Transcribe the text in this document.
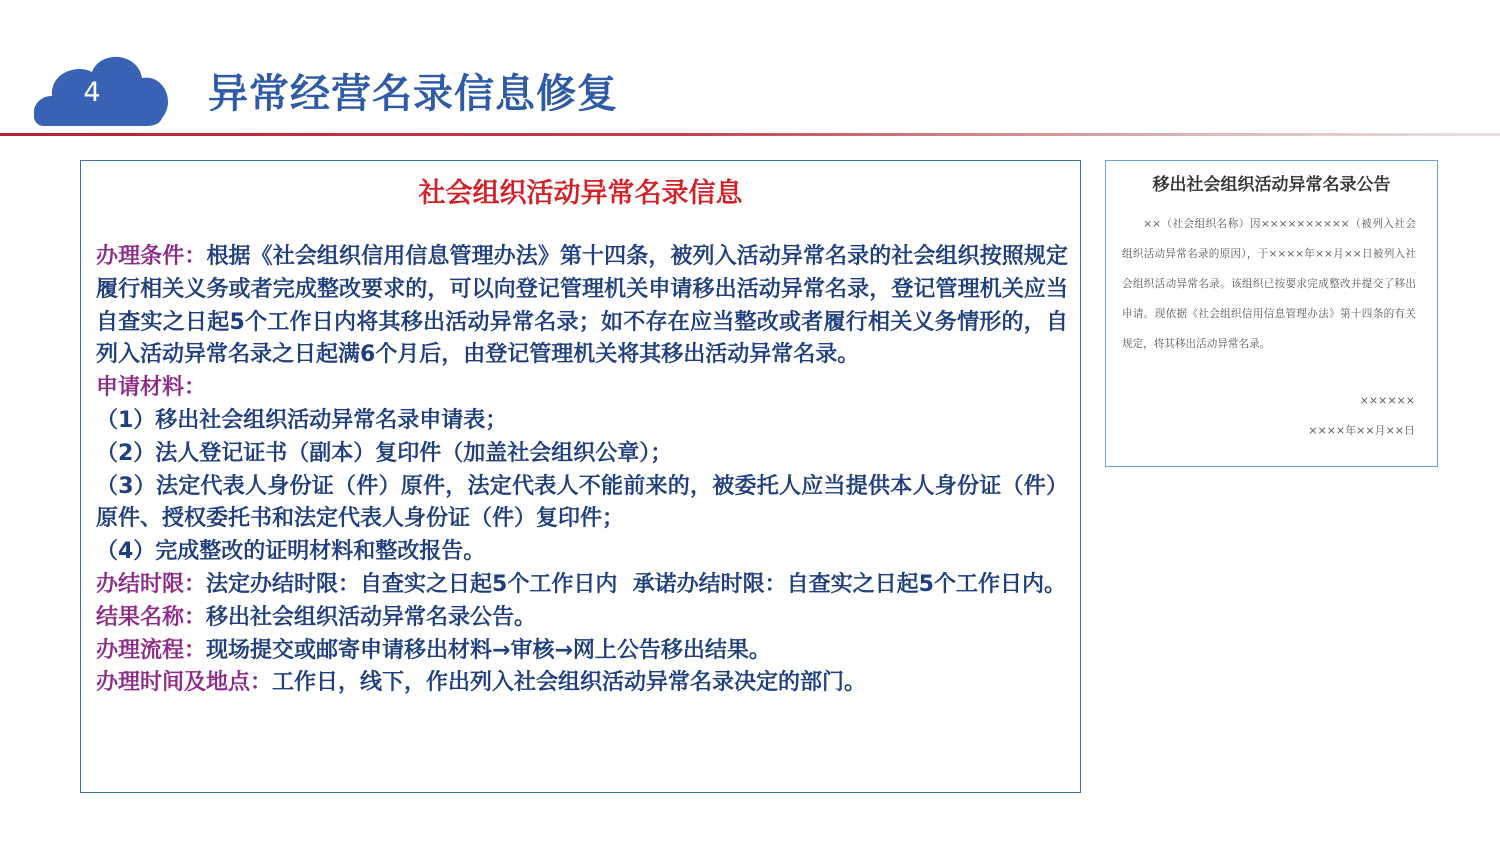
4	异常经营名录信息修复
社会组织活动异常名录信息

办理条件：根据《社会组织信用信息管理办法》第十四条，被列入活动异常名录的社会组织按照规定履行相关义务或者完成整改要求的，可以向登记管理机关申请移出活动异常名录，登记管理机关应当自查实之日起5个工作日内将其移出活动异常名录；如不存在应当整改或者履行相关义务情形的，自列入活动异常名录之日起满6个月后，由登记管理机关将其移出活动异常名录。

申请材料：

（1）移出社会组织活动异常名录申请表；

（2）法人登记证书（副本）复印件（加盖社会组织公章）；

（3）法定代表人身份证（件）原件，法定代表人不能前来的，被委托人应当提供本人身份证（件）原件、授权委托书和法定代表人身份证（件）复印件；

（4）完成整改的证明材料和整改报告。

办结时限：法定办结时限：自查实之日起5个工作日内  承诺办结时限：自查实之日起5个工作日内。

结果名称：移出社会组织活动异常名录公告。

办理流程：现场提交或邮寄申请移出材料→审核→网上公告移出结果。

办理时间及地点：工作日，线下，作出列入社会组织活动异常名录决定的部门。

移出社会组织活动异常名录公告

××（社会组织名称）因××××××××××（被列入社会组织活动异常名录的原因），于××××年××月××日被列入社会组织活动异常名录。该组织已按要求完成整改并提交了移出申请。现依据《社会组织信用信息管理办法》第十四条的有关规定，将其移出活动异常名录。

××××××
××××年××月××日
